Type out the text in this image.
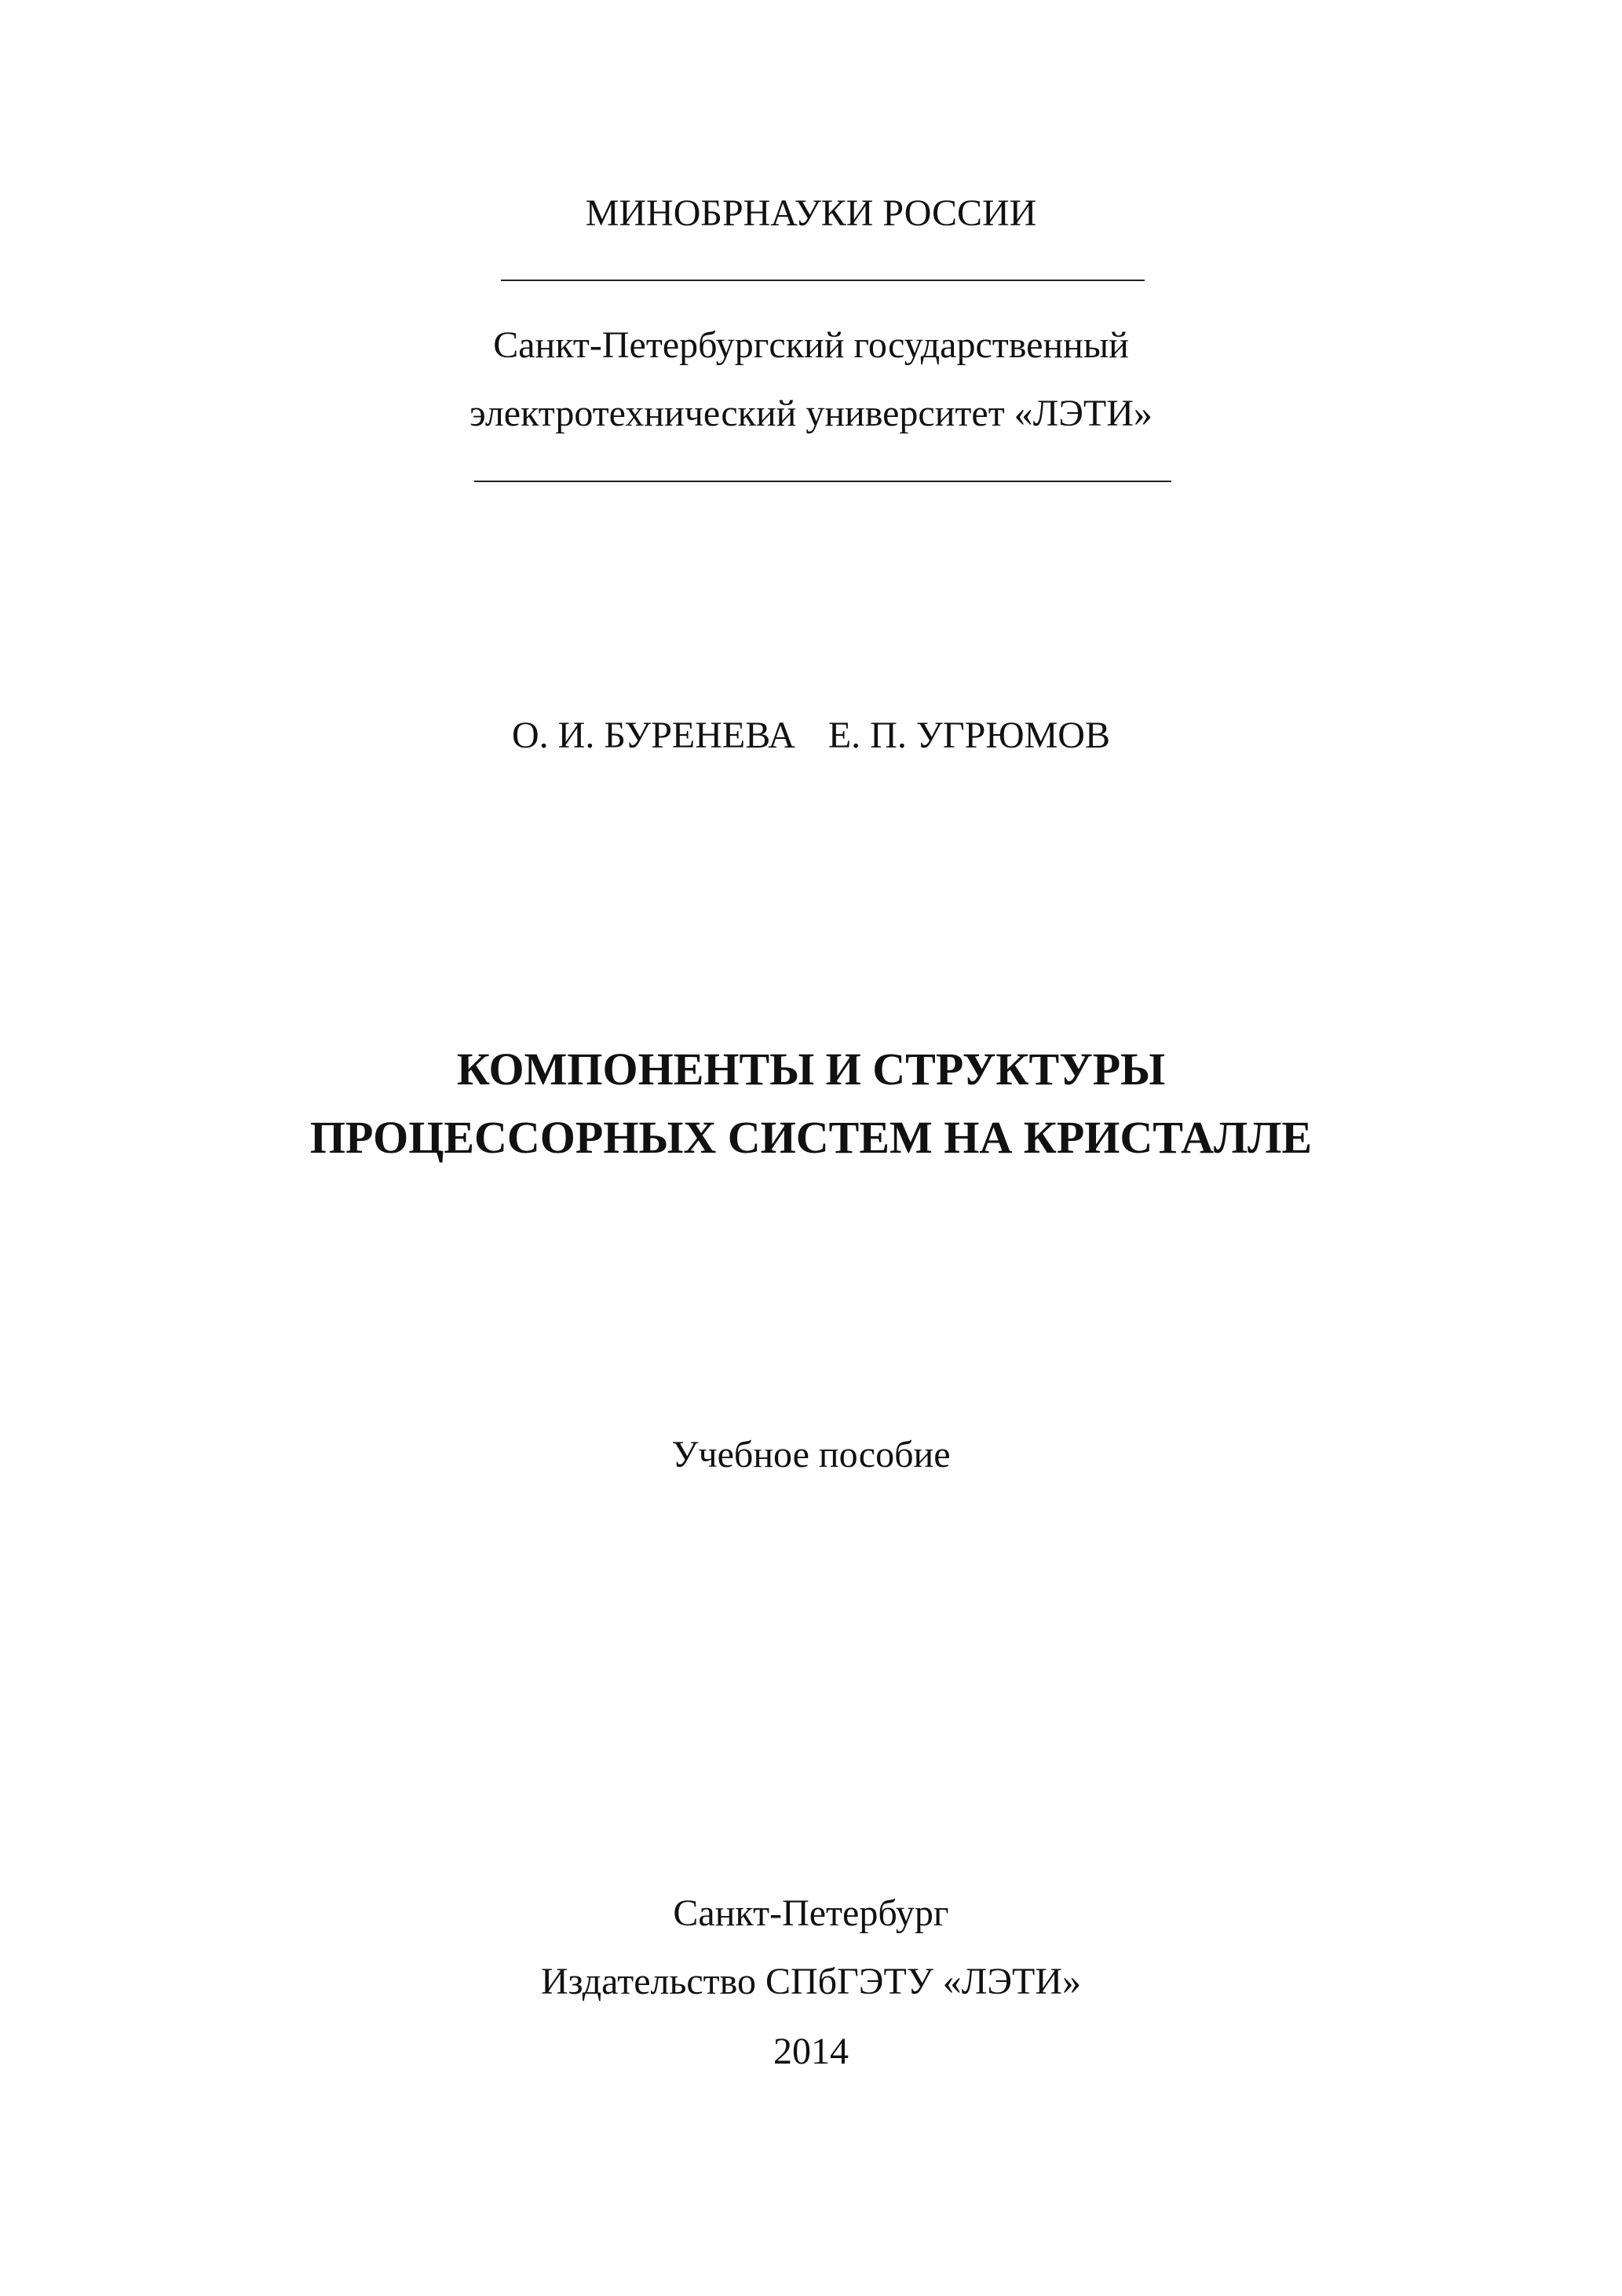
МИНОБРНАУКИ РОССИИ
Санкт-Петербургский государственный
электротехнический университет «ЛЭТИ»
О. И. БУРЕНЕВА Е. П. УГРЮМОВ
КОМПОНЕНТЫ И СТРУКТУРЫ
ПРОЦЕССОРНЫХ СИСТЕМ НА КРИСТАЛЛЕ
Учебное пособие
Санкт-Петербург
Издательство СПбГЭТУ «ЛЭТИ»
2014
